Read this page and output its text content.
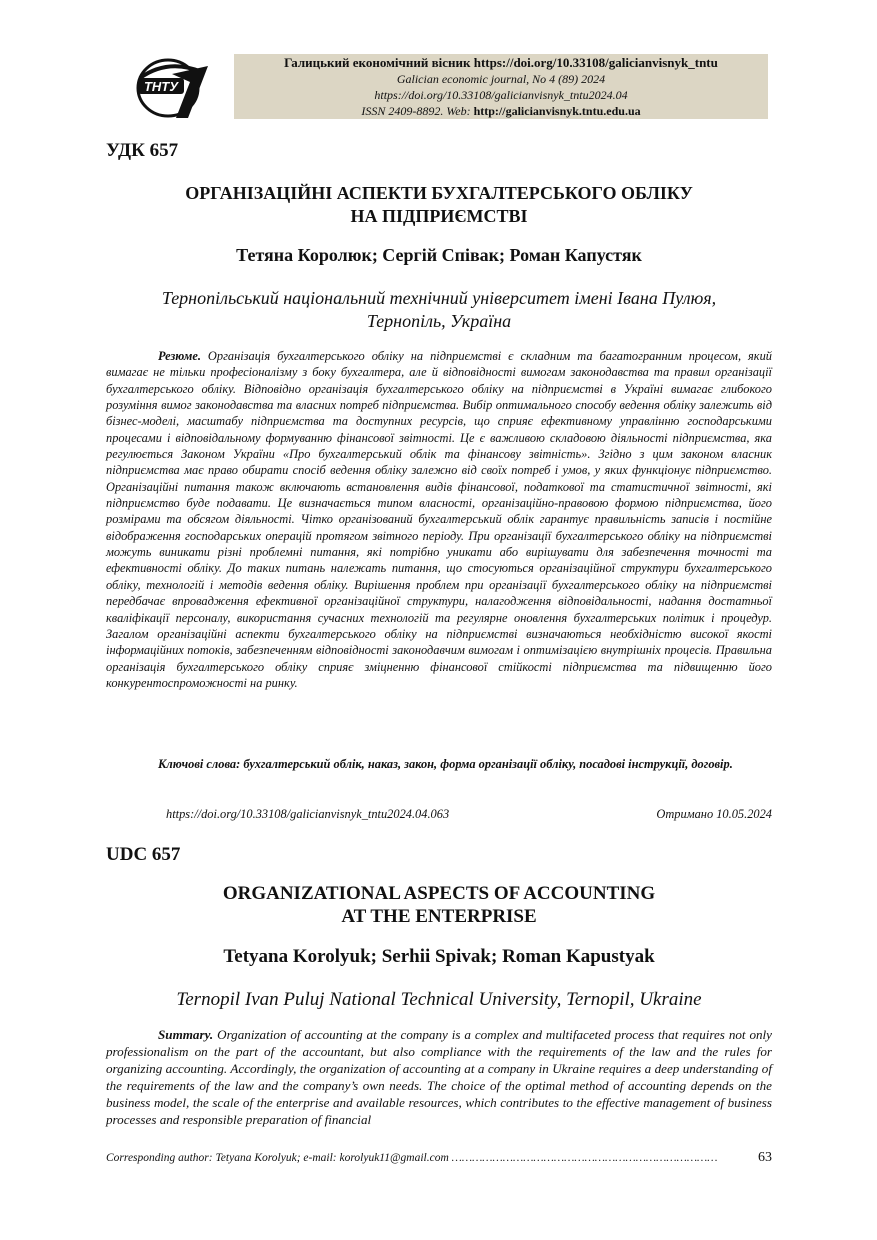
ТНТУ
Галицький економічний вісник https://doi.org/10.33108/galicianvisnyk_tntu
Galician economic journal, No 4 (89) 2024
https://doi.org/10.33108/galicianvisnyk_tntu2024.04
ISSN 2409-8892. Web: http://galicianvisnyk.tntu.edu.ua
УДК 657
ОРГАНІЗАЦІЙНІ АСПЕКТИ БУХГАЛТЕРСЬКОГО ОБЛІКУ
НА ПІДПРИЄМСТВІ
Тетяна Королюк; Сергій Співак; Роман Капустяк
Тернопільський національний технічний університет імені Івана Пулюя,
Тернопіль, Україна
Резюме. Організація бухгалтерського обліку на підприємстві є складним та багатогранним процесом, який вимагає не тільки професіоналізму з боку бухгалтера, але й відповідності вимогам законодавства та правил організації бухгалтерського обліку. Відповідно організація бухгалтерського обліку на підприємстві в Україні вимагає глибокого розуміння вимог законодавства та власних потреб підприємства. Вибір оптимального способу ведення обліку залежить від бізнес-моделі, масштабу підприємства та доступних ресурсів, що сприяє ефективному управлінню господарськими процесами і відповідальному формуванню фінансової звітності. Це є важливою складовою діяльності підприємства, яка регулюється Законом України «Про бухгалтерський облік та фінансову звітність». Згідно з цим законом власник підприємства має право обирати спосіб ведення обліку залежно від своїх потреб і умов, у яких функціонує підприємство. Організаційні питання також включають встановлення видів фінансової, податкової та статистичної звітності, які підприємство буде подавати. Це визначається типом власності, організаційно-правовою формою підприємства, його розмірами та обсягом діяльності. Чітко організований бухгалтерський облік гарантує правильність записів і постійне відображення господарських операцій протягом звітного періоду. При організації бухгалтерського обліку на підприємстві можуть виникати різні проблемні питання, які потрібно уникати або вирішувати для забезпечення точності та ефективності обліку. До таких питань належать питання, що стосуються організаційної структури бухгалтерського обліку, технологій і методів ведення обліку. Вирішення проблем при організації бухгалтерського обліку на підприємстві передбачає впровадження ефективної організаційної структури, налагодження відповідальності, надання достатньої кваліфікації персоналу, використання сучасних технологій та регулярне оновлення бухгалтерських політик і процедур. Загалом організаційні аспекти бухгалтерського обліку на підприємстві визначаються необхідністю високої якості інформаційних потоків, забезпеченням відповідності законодавчим вимогам і оптимізацією внутрішніх процесів. Правильна організація бухгалтерського обліку сприяє зміцненню фінансової стійкості підприємства та підвищенню його конкурентоспроможності на ринку.
Ключові слова: бухгалтерський облік, наказ, закон, форма організації обліку, посадові інструкції, договір.
https://doi.org/10.33108/galicianvisnyk_tntu2024.04.063	Отримано 10.05.2024
UDC 657
ORGANIZATIONAL ASPECTS OF ACCOUNTING
AT THE ENTERPRISE
Tetyana Korolyuk; Serhii Spivak; Roman Kapustyak
Ternopil Ivan Puluj National Technical University, Ternopil, Ukraine
Summary. Organization of accounting at the company is a complex and multifaceted process that requires not only professionalism on the part of the accountant, but also compliance with the requirements of the law and the rules for organizing accounting. Accordingly, the organization of accounting at a company in Ukraine requires a deep understanding of the requirements of the law and the company’s own needs. The choice of the optimal method of accounting depends on the business model, the scale of the enterprise and available resources, which contributes to the effective management of business processes and responsible preparation of financial
Corresponding author: Tetyana Korolyuk; e-mail: korolyuk11@gmail.com ……………………………………………………………………	63
